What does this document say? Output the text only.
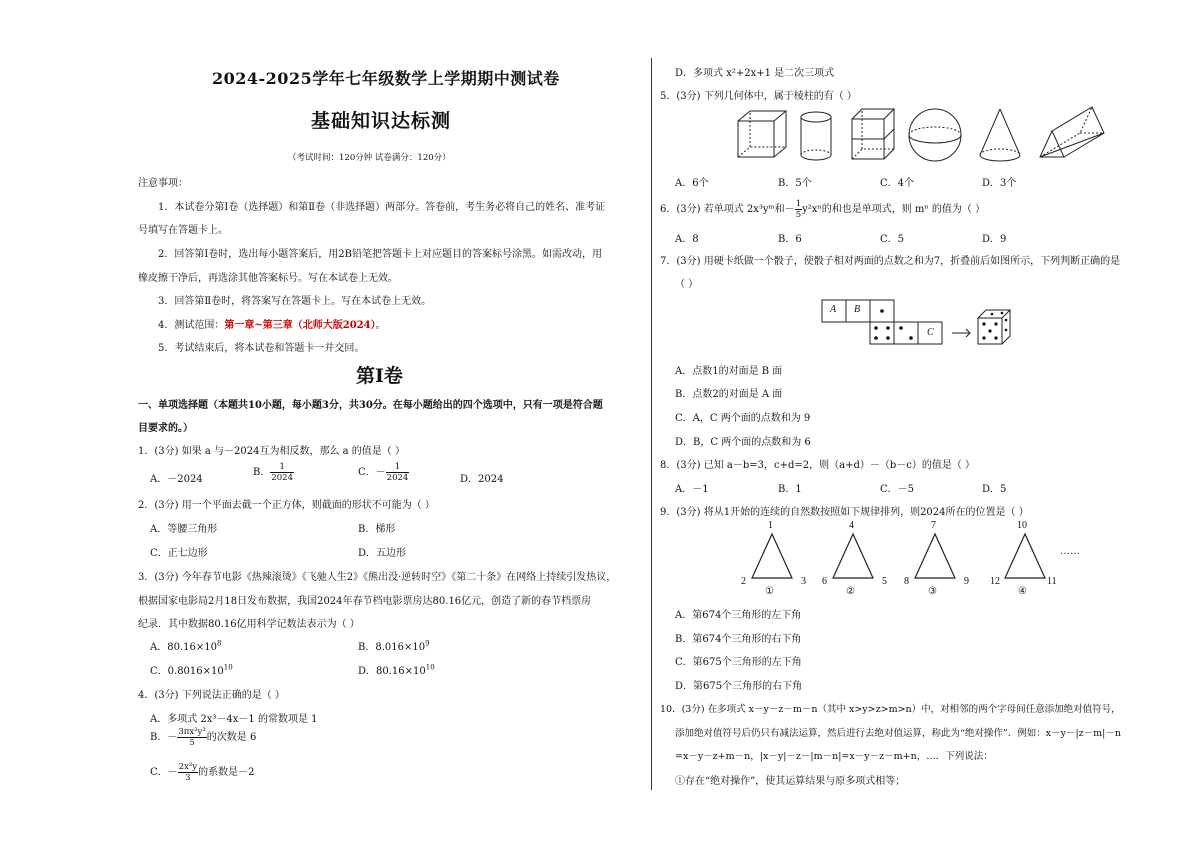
2024-2025学年七年级数学上学期期中测试卷
基础知识达标测
（考试时间：120分钟 试卷满分：120分）
注意事项：
1．本试卷分第Ⅰ卷（选择题）和第Ⅱ卷（非选择题）两部分。答卷前，考生务必将自己的姓名、准考证
号填写在答题卡上。
2．回答第Ⅰ卷时，选出每小题答案后，用2B铅笔把答题卡上对应题目的答案标号涂黑。如需改动，用
橡皮擦干净后，再选涂其他答案标号。写在本试卷上无效。
3．回答第Ⅱ卷时，将答案写在答题卡上。写在本试卷上无效。
4．测试范围：第一章~第三章（北师大版2024）。
5．考试结束后，将本试卷和答题卡一并交回。
第Ⅰ卷
一、单项选择题（本题共10小题，每小题3分，共30分。在每小题给出的四个选项中，只有一项是符合题
目要求的。）
1．(3分) 如果 a 与－2024互为相反数，那么 a 的值是（ ）
A．－2024
B． $\frac{1}{2024}$	C．－ $\frac{1}{2024}$	D．2024
2．(3分) 用一个平面去截一个正方体，则截面的形状不可能为（ ）
A．等腰三角形	B．梯形
C．正七边形	D．五边形
3．(3分) 今年春节电影《热辣滚烫》《飞驰人生2》《熊出没·逆转时空》《第二十条》在网络上持续引发热议，
根据国家电影局2月18日发布数据，我国2024年春节档电影票房达80.16亿元，创造了新的春节档票房
纪录．其中数据80.16亿用科学记数法表示为（ ）
A．$80.16\times 10^8$	B．$8.016\times 10^9$
C．$0.8016\times 10^{10}$	D．$80.16\times 10^{10}$
4．(3分) 下列说法正确的是（ ）
A．多项式 2x³－4x－1 的常数项是 1
B．－ $\frac{\text{3πx²y³}}{5}$ 的次数是 6
C．－ $\frac{\text{2x²y}}{3}$ 的系数是－2
D．多项式 x²+2x+1 是二次三项式
5．(3分) 下列几何体中，属于棱柱的有（ ）
A．6个	B．5个	C．4个	D．3个
6．(3分) 若单项式 2x³yᵐ和－ $\frac{1}{5} y^2x^n$的和也是单项式，则 mⁿ 的值为（ ）
A．8	B．6	C．5	D．9
7．(3分) 用硬卡纸做一个骰子，使骰子相对两面的点数之和为7，折叠前后如图所示，下列判断正确的是
（ ）
A B
C
A．点数1的对面是 B 面
B．点数2的对面是 A 面
C．A，C 两个面的点数和为 9
D．B，C 两个面的点数和为 6
8．(3分) 已知 a－b=3，c+d=2，则（a+d）－（b－c）的值是（ ）
A．－1	B．1	C．－5	D．5
9．(3分) 将从1开始的连续的自然数按照如下规律排列，则2024所在的位置是（ ）
1
2	3
①
4
6	5
②
7
8	9
③
10
12	11
④
……
A．第674个三角形的左下角
B．第674个三角形的右下角
C．第675个三角形的左下角
D．第675个三角形的右下角
10．(3分) 在多项式 x－y－z－m－n（其中 x>y>z>m>n）中，对相邻的两个字母间任意添加绝对值符号，
添加绝对值符号后仍只有减法运算，然后进行去绝对值运算，称此为“绝对操作”．例如：x－y－|z－m|－n
=x－y－z+m－n，|x－y|－z－|m－n|=x－y－z－m+n，…．下列说法：
①存在“绝对操作”，使其运算结果与原多项式相等；
